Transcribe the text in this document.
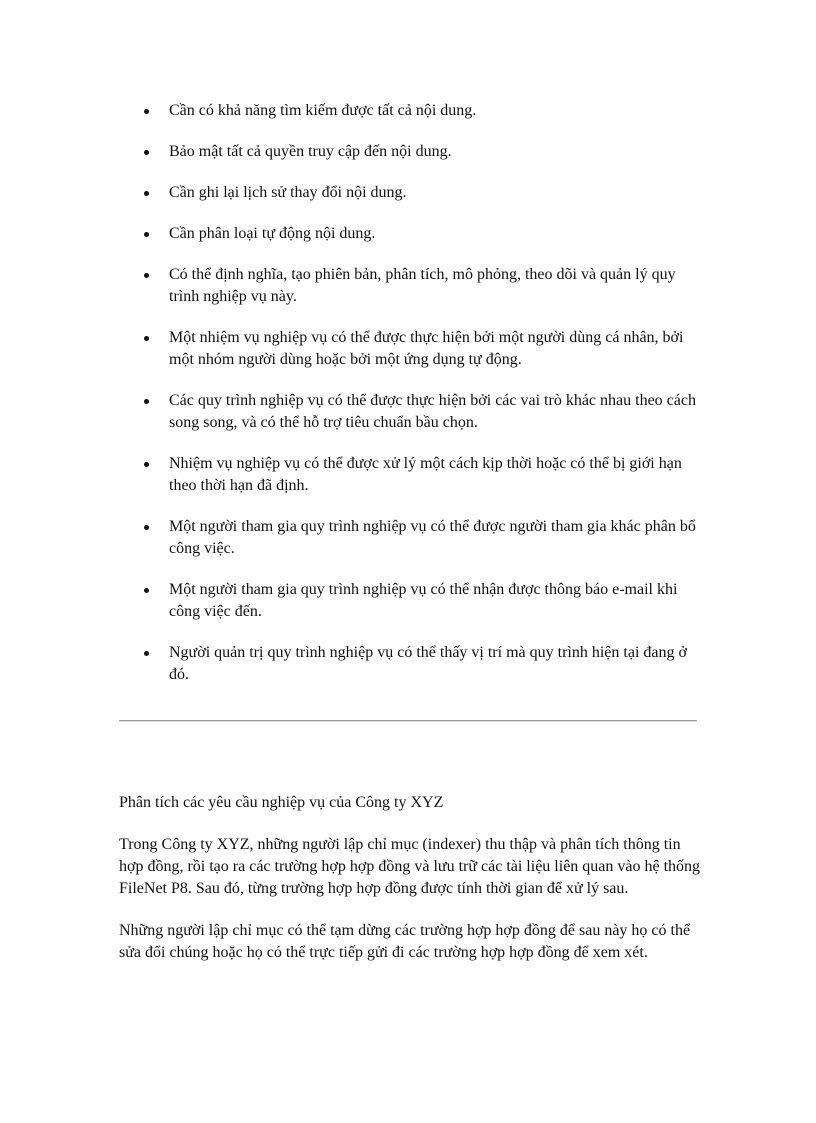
Cần có khả năng tìm kiếm được tất cả nội dung.
Bảo mật tất cả quyền truy cập đến nội dung.
Cần ghi lại lịch sử thay đổi nội dung.
Cần phân loại tự động nội dung.
Có thể định nghĩa, tạo phiên bản, phân tích, mô phỏng, theo dõi và quản lý quy trình nghiệp vụ này.
Một nhiệm vụ nghiệp vụ có thể được thực hiện bởi một người dùng cá nhân, bởi một nhóm người dùng hoặc bởi một ứng dụng tự động.
Các quy trình nghiệp vụ có thể được thực hiện bởi các vai trò khác nhau theo cách song song, và có thể hỗ trợ tiêu chuẩn bầu chọn.
Nhiệm vụ nghiệp vụ có thể được xử lý một cách kịp thời hoặc có thể bị giới hạn theo thời hạn đã định.
Một người tham gia quy trình nghiệp vụ có thể được người tham gia khác phân bổ công việc.
Một người tham gia quy trình nghiệp vụ có thể nhận được thông báo e-mail khi công việc đến.
Người quản trị quy trình nghiệp vụ có thể thấy vị trí mà quy trình hiện tại đang ở đó.

Phân tích các yêu cầu nghiệp vụ của Công ty XYZ

Trong Công ty XYZ, những người lập chỉ mục (indexer) thu thập và phân tích thông tin hợp đồng, rồi tạo ra các trường hợp hợp đồng và lưu trữ các tài liệu liên quan vào hệ thống FileNet P8. Sau đó, từng trường hợp hợp đồng được tính thời gian để xử lý sau.

Những người lập chỉ mục có thể tạm dừng các trường hợp hợp đồng để sau này họ có thể sửa đổi chúng hoặc họ có thể trực tiếp gửi đi các trường hợp hợp đồng để xem xét.
